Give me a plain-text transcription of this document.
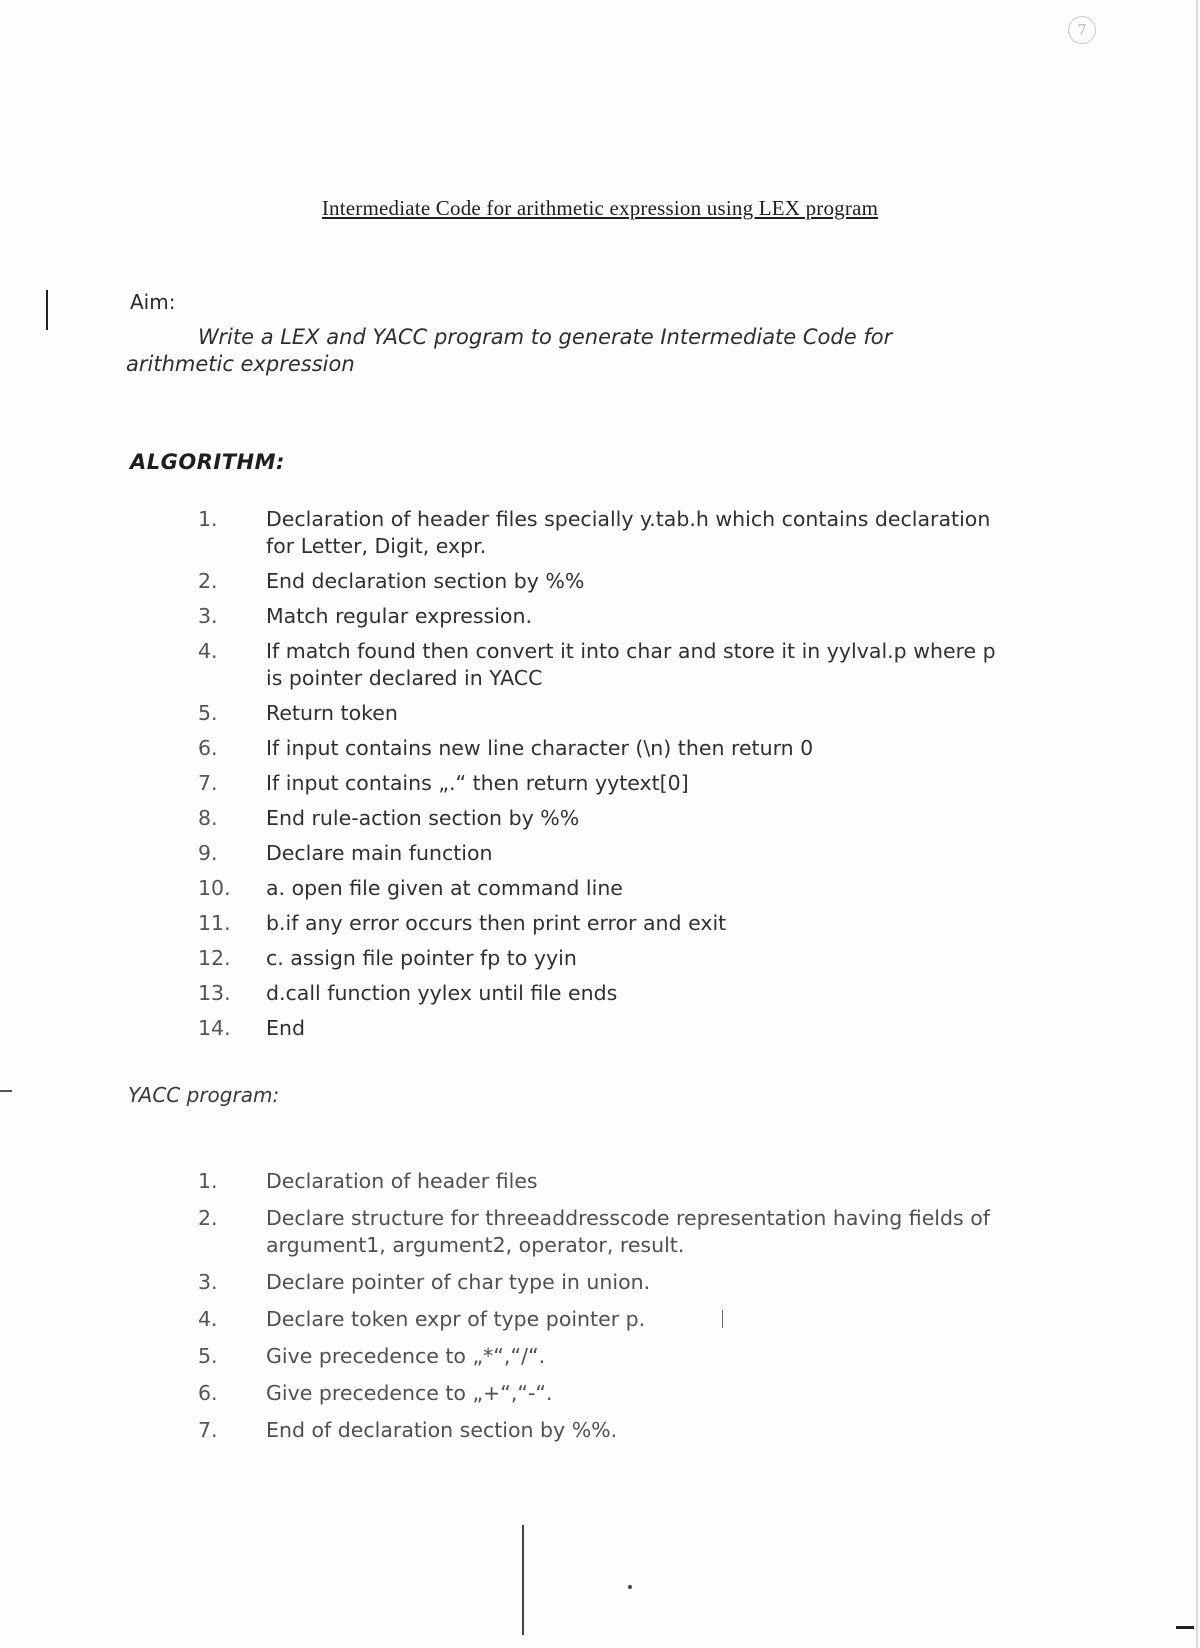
7
Intermediate Code for arithmetic expression using LEX program
Aim:
Write a LEX and YACC program to generate Intermediate Code for arithmetic expression
ALGORITHM:
1. Declaration of header files specially y.tab.h which contains declaration for Letter, Digit, expr.
2. End declaration section by %%
3. Match regular expression.
4. If match found then convert it into char and store it in yylval.p where p is pointer declared in YACC
5. Return token
6. If input contains new line character (\n) then return 0
7. If input contains „.“ then return yytext[0]
8. End rule-action section by %%
9. Declare main function
10. a. open file given at command line
11. b.if any error occurs then print error and exit
12. c. assign file pointer fp to yyin
13. d.call function yylex until file ends
14. End
YACC program:
1. Declaration of header files
2. Declare structure for threeaddresscode representation having fields of argument1, argument2, operator, result.
3. Declare pointer of char type in union.
4. Declare token expr of type pointer p.
5. Give precedence to „*“,“/“.
6. Give precedence to „+“,“-“.
7. End of declaration section by %%.
